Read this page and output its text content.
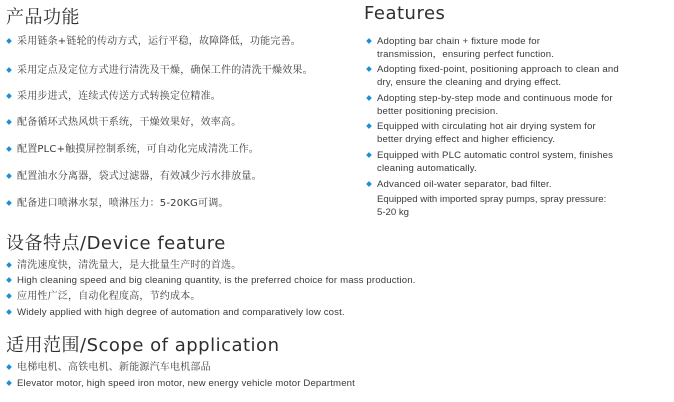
产品功能
采用链条+链轮的传动方式，运行平稳，故障降低，功能完善。
采用定点及定位方式进行清洗及干燥，确保工件的清洗干燥效果。
采用步进式，连续式传送方式转换定位精准。
配备循环式热风烘干系统，干燥效果好，效率高。
配置PLC+触摸屏控制系统，可自动化完成清洗工作。
配置油水分离器，袋式过滤器，有效减少污水排放量。
配备进口喷淋水泵，喷淋压力：5-20KG可调。
Features
Adopting bar chain + fixture mode for
transmission，ensuring perfect function.
Adopting fixed-point, positioning approach to clean and
dry, ensure the cleaning and drying effect.
Adopting step-by-step mode and continuous mode for
better positioning precision.
Equipped with circulating hot air drying system for
better drying effect and higher efficiency.
Equipped with PLC automatic control system, finishes
cleaning automatically.
Advanced oil-water separator, bad filter.
Equipped with imported spray pumps, spray pressure:
5-20 kg
设备特点/Device feature
清洗速度快，清洗量大，是大批量生产时的首选。
High cleaning speed and big cleaning quantity, is the preferred choice for mass production.
应用性广泛，自动化程度高，节约成本。
Widely applied with high degree of automation and comparatively low cost.
适用范围/Scope of application
电梯电机、高铁电机、新能源汽车电机部品
Elevator motor, high speed iron motor, new energy vehicle motor Department
